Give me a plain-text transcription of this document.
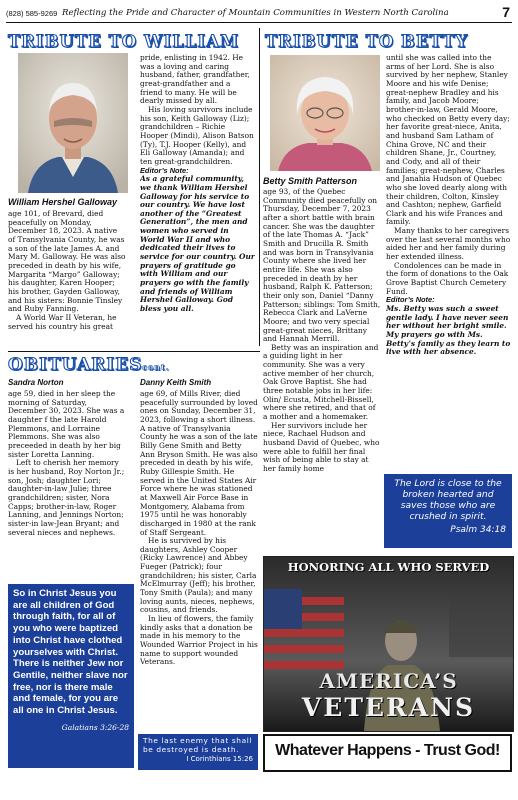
(828) 585-9269 Reflecting the Pride and Character of Mountain Communities in Western North Carolina	7
TRIBUTE TO WILLIAM
William Hershel Galloway

age 101, of Brevard, died peacefully on Monday, December 18, 2023. A native of Transylvania County, he was a son of the late James A. and Mary M. Galloway. He was also preceded in death by his wife, Margarita “Margo” Galloway; his daughter, Karen Hooper; his brother, Gayden Galloway, and his sisters: Bonnie Tinsley and Ruby Fanning.

A World War II Veteran, he served his country his great

pride, enlisting in 1942. He was a loving and caring husband, father, grandfather, great-grandfather and a friend to many. He will be dearly missed by all.

His loving survivors include his son, Keith Galloway (Liz); grandchildren – Richie Hooper (Mindi), Alison Batson (Ty), T.J. Hooper (Kelly), and Eli Galloway (Amanda); and ten great-grandchildren.

Editor’s Note:

As a grateful community, we thank William Hershel Galloway for his service to our country. We have lost another of the “Greatest Generation”, the men and women who served in World War II and who dedicated their lives to service for our country. Our prayers of gratitude go with William and our prayers go with the family and friends of William Hershel Galloway. God bless you all.

TRIBUTE TO BETTY
Betty Smith Patterson

age 93, of the Quebec Community died peacefully on Thursday, December 7, 2023 after a short battle with brain cancer. She was the daughter of the late Thomas A. “Jack” Smith and Drucilla R. Smith and was born in Transylvania County where she lived her entire life. She was also preceded in death by her husband, Ralph K. Patterson; their only son, Daniel “Danny Patterson; siblings: Tom Smith, Rebecca Clark and LaVerne Moore; and two very special great-great nieces, Brittany and Hannah Merrill.

Betty was an inspiration and a guiding light in her community. She was a very active member of her church, Oak Grove Baptist. She had three notable jobs in her life: Olin/ Ecusta, Mitchell-Bissell, where she retired, and that of a mother and a homemaker.

Her survivors include her niece, Rachael Hudson and husband David of Quebec, who were able to fulfill her final wish of being able to stay at her family home

until she was called into the arms of her Lord. She is also survived by her nephew, Stanley Moore and his wife Denise; great-nephew Bradley and his family, and Jacob Moore; brother-in-law, Gerald Moore, who checked on Betty every day; her favorite great-niece, Anita, and husband Sam Latham of China Grove, NC and their children Shane, Jr., Courtney, and Cody, and all of their families; great-nephew, Charles and Janahia Hudson of Quebec who she loved dearly along with their children, Colton, Kinsley and Cashton; nephew, Garfield Clark and his wife Frances and family.

Many thanks to her caregivers over the last several months who aided her and her family during her extended illness.

Condolences can be made in the form of donations to the Oak Grove Baptist Church Cemetery Fund.

Editor’s Note:

Ms. Betty was such a sweet gentle lady. I have never seen her without her bright smile. My prayers go with Ms. Betty’s family as they learn to live with her absence.

The Lord is close to the broken hearted and saves those who are crushed in spirit.
Psalm 34:18
OBITUARIES cont.
Sandra Norton

age 59, died in her sleep the morning of Saturday, December 30, 2023. She was a daughter f the late Harold Plemmons, and Lorraine Plemmons. She was also preceeded in death by her big sister Loretta Lanning.

Left to cherish her memory is her husband, Roy Norton Jr.; son, Josh; daughter Lori; daughter-in-law Julie; three grandchildren; sister, Nora Capps; brother-in-law, Roger Lanning, and Jennings Norton; sister-in law-Jean Bryant; and several nieces and nephews.

Danny Keith Smith

age 69, of Mills River, died peacefully surrounded by loved ones on Sunday, December 31, 2023, following a short illness. A native of Transylvania County he was a son of the late Billy Gene Smith and Betty Ann Bryson Smith. He was also preceded in death by his wife, Ruby Gillespie Smith. He served in the United States Air Force where he was stationed at Maxwell Air Force Base in Montgomery, Alabama from 1975 until he was honorably discharged in 1980 at the rank of Staff Sergeant.

He is survived by his daughters, Ashley Cooper (Ricky Lawrence) and Abbey Fueger (Patrick); four grandchildren; his sister, Carla McElmurray (Jeff); his brother, Tony Smith (Paula); and many loving aunts, nieces, nephews, cousins, and friends.

In lieu of flowers, the family kindly asks that a donation be made in his memory to the Wounded Warrior Project in his name to support wounded Veterans.

So in Christ Jesus you are all children of God through faith, for all of you who were baptized into Christ have clothed yourselves with Christ. There is neither Jew nor Gentile, neither slave nor free, nor is there male and female, for you are all one in Christ Jesus.
Galatians 3:26-28
The last enemy that shall be destroyed is death.
I Corinthians 15:26
HONORING ALL WHO SERVED
AMERICA’S
VETERANS
Whatever Happens - Trust God!
